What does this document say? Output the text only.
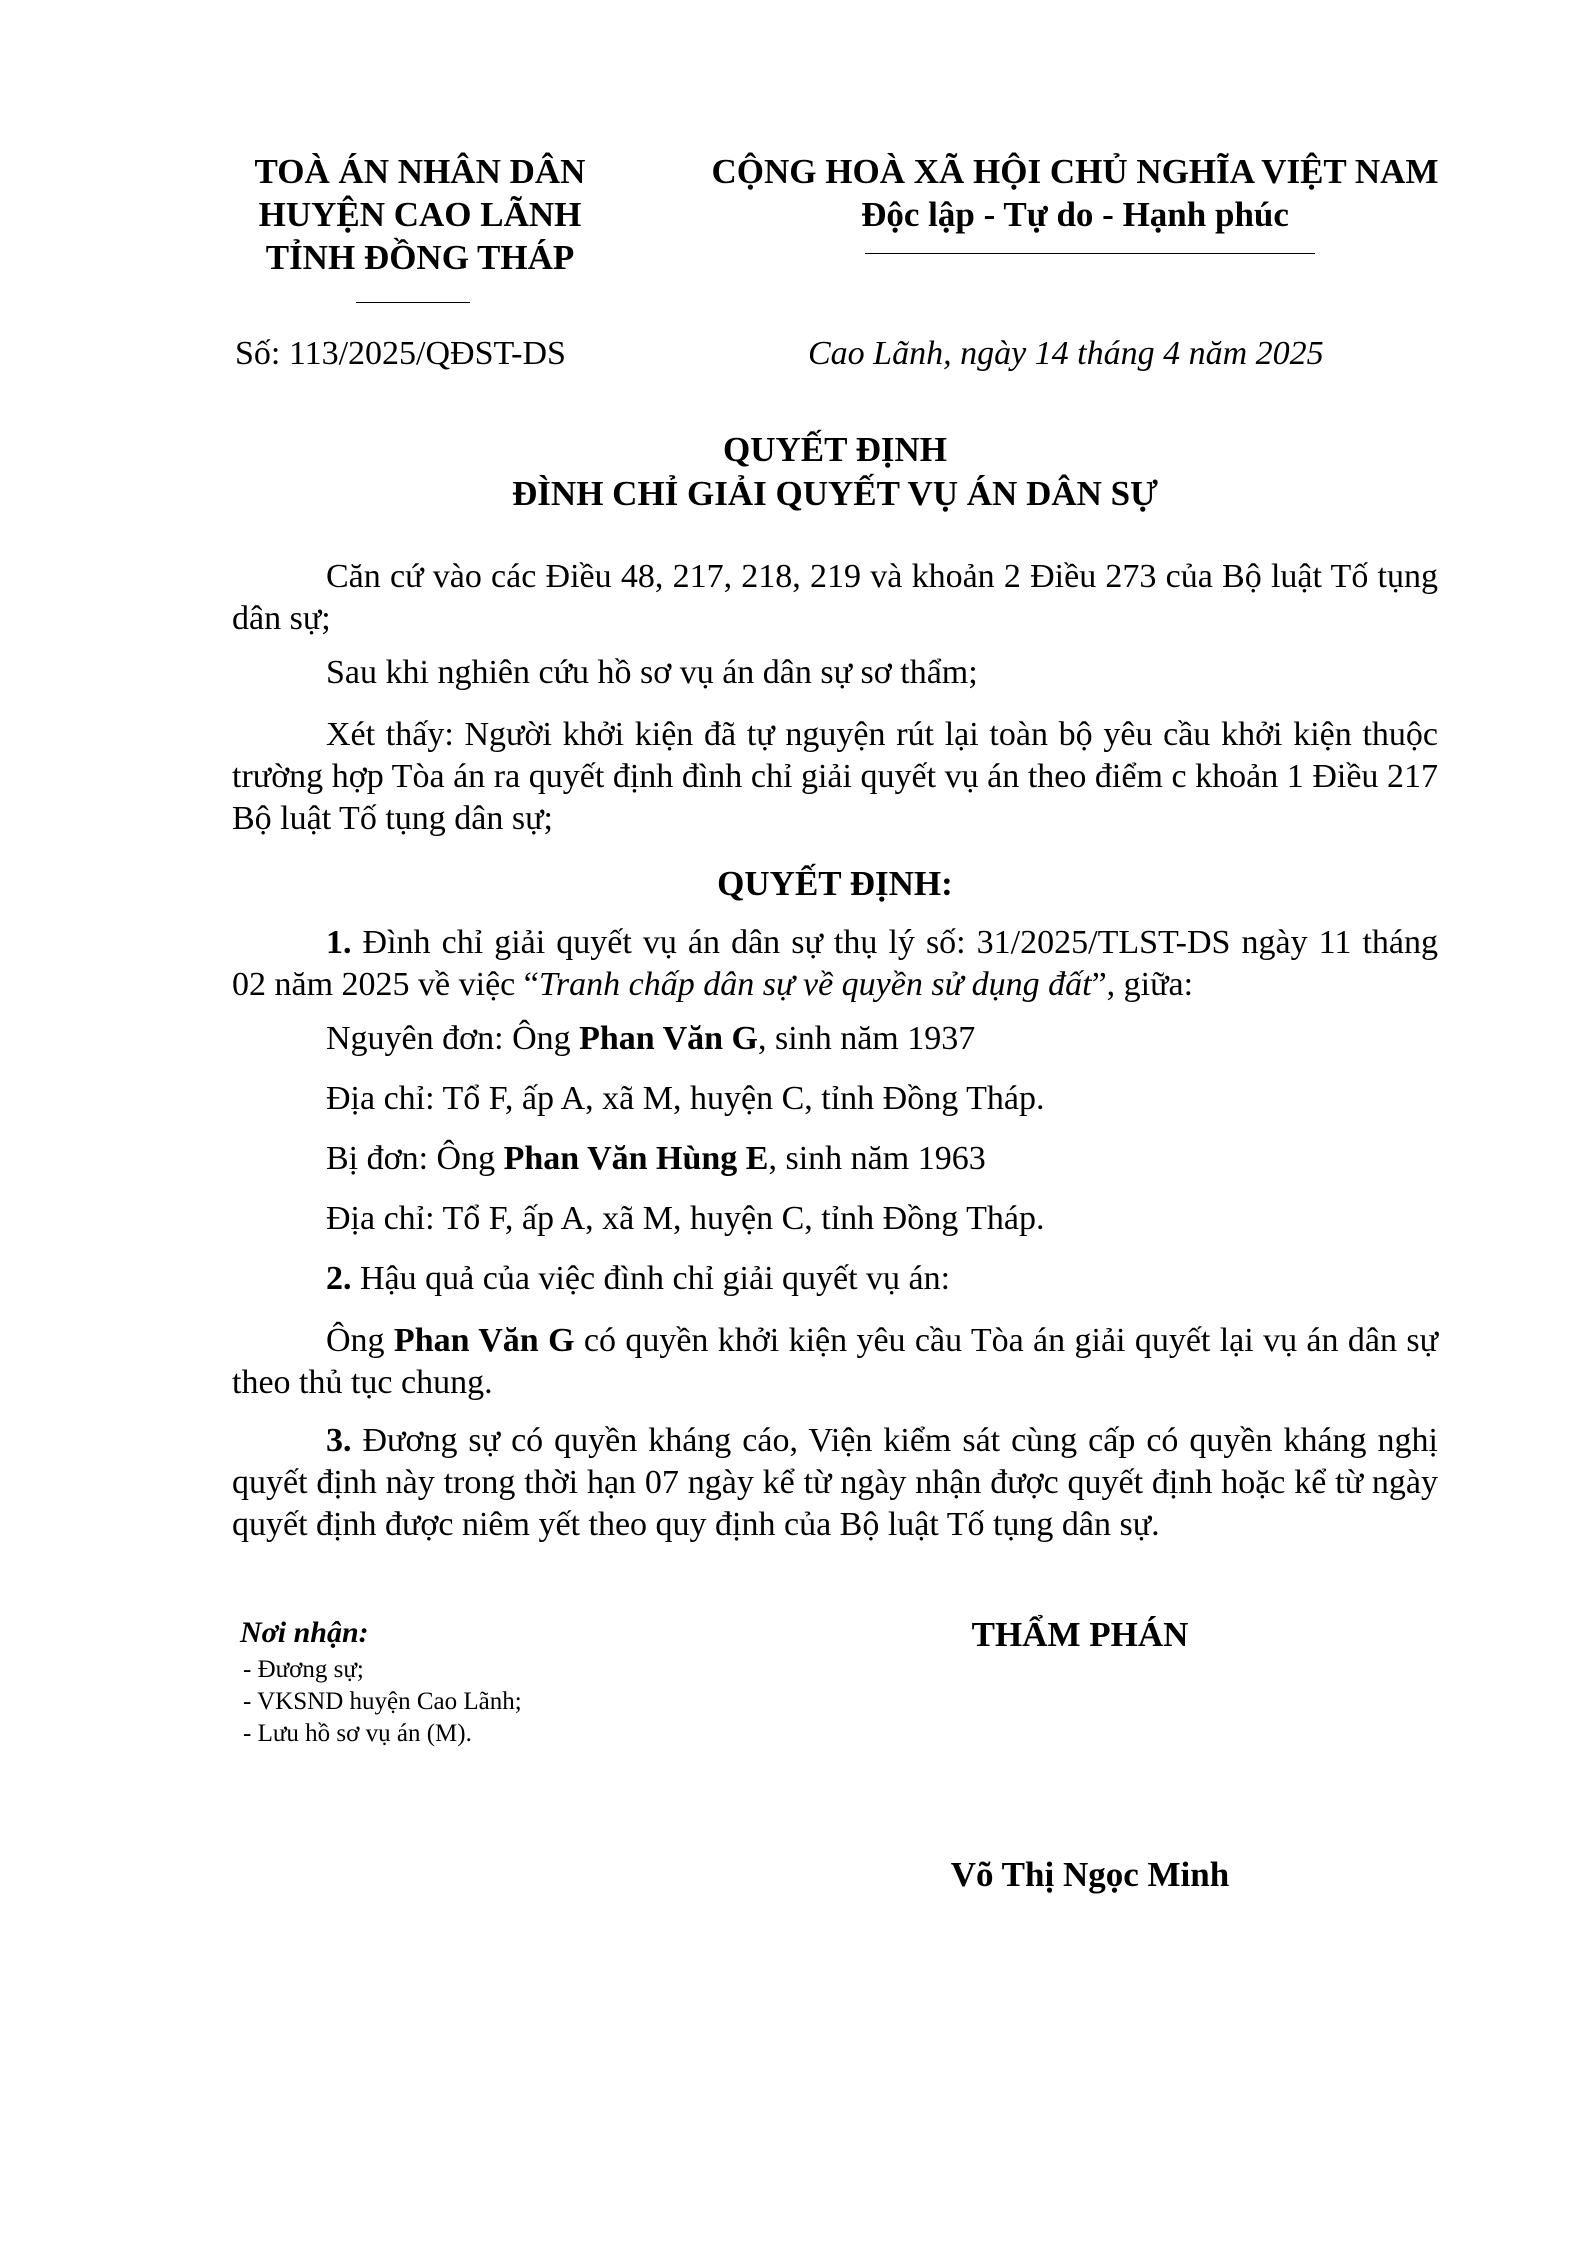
TOÀ ÁN NHÂN DÂN
HUYỆN CAO LÃNH
TỈNH ĐỒNG THÁP
CỘNG HOÀ XÃ HỘI CHỦ NGHĨA VIỆT NAM
Độc lập - Tự do - Hạnh phúc
Số: 113/2025/QĐST-DS	Cao Lãnh, ngày 14 tháng 4 năm 2025
QUYẾT ĐỊNH
ĐÌNH CHỈ GIẢI QUYẾT VỤ ÁN DÂN SỰ
Căn cứ vào các Điều 48, 217, 218, 219 và khoản 2 Điều 273 của Bộ luật Tố tụng dân sự;
Sau khi nghiên cứu hồ sơ vụ án dân sự sơ thẩm;
Xét thấy: Người khởi kiện đã tự nguyện rút lại toàn bộ yêu cầu khởi kiện thuộc trường hợp Tòa án ra quyết định đình chỉ giải quyết vụ án theo điểm c khoản 1 Điều 217 Bộ luật Tố tụng dân sự;
QUYẾT ĐỊNH:
1. Đình chỉ giải quyết vụ án dân sự thụ lý số: 31/2025/TLST-DS ngày 11 tháng 02 năm 2025 về việc “Tranh chấp dân sự về quyền sử dụng đất”, giữa:
Nguyên đơn: Ông Phan Văn G, sinh năm 1937
Địa chỉ: Tổ F, ấp A, xã M, huyện C, tỉnh Đồng Tháp.
Bị đơn: Ông Phan Văn Hùng E, sinh năm 1963
Địa chỉ: Tổ F, ấp A, xã M, huyện C, tỉnh Đồng Tháp.
2. Hậu quả của việc đình chỉ giải quyết vụ án:
Ông Phan Văn G có quyền khởi kiện yêu cầu Tòa án giải quyết lại vụ án dân sự theo thủ tục chung.
3. Đương sự có quyền kháng cáo, Viện kiểm sát cùng cấp có quyền kháng nghị quyết định này trong thời hạn 07 ngày kể từ ngày nhận được quyết định hoặc kể từ ngày quyết định được niêm yết theo quy định của Bộ luật Tố tụng dân sự.
Nơi nhận:
- Đương sự;
- VKSND huyện Cao Lãnh;
- Lưu hồ sơ vụ án (M).
THẨM PHÁN
Võ Thị Ngọc Minh
